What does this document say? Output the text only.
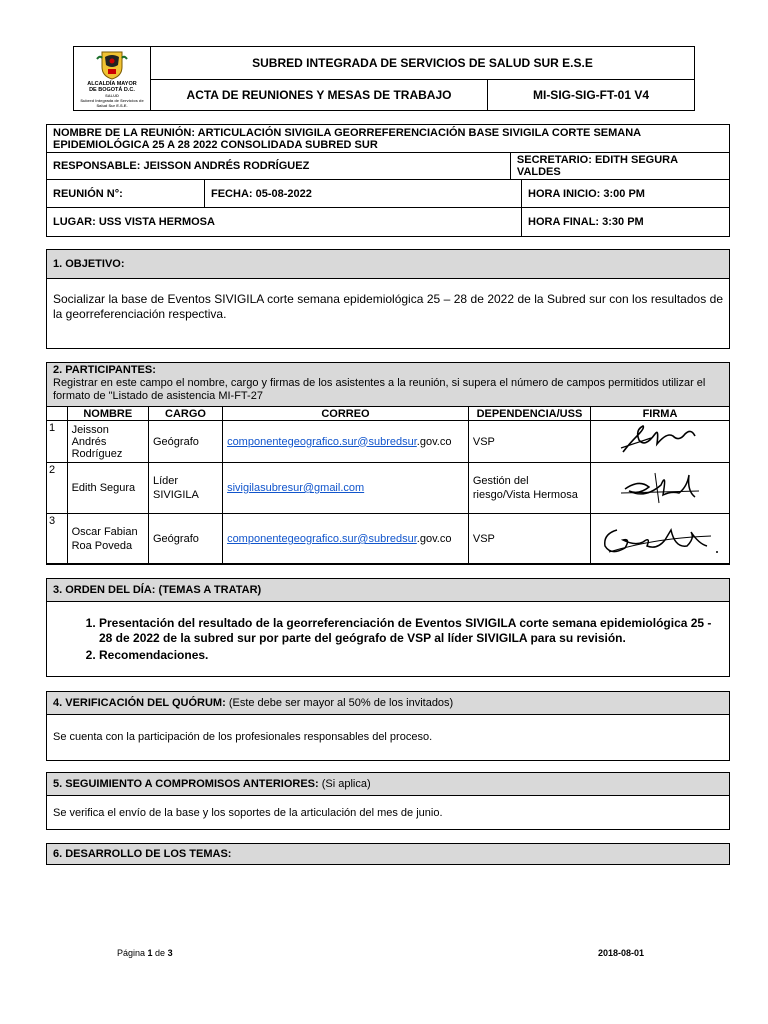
ALCALDÍA MAYOR
DE BOGOTÁ D.C.
SALUD
Subred Integrada de Servicios de Salud Sur E.S.E.	SUBRED INTEGRADA DE SERVICIOS DE SALUD SUR E.S.E	
	ACTA DE REUNIONES Y MESAS DE TRABAJO	MI-SIG-SIG-FT-01 V4
NOMBRE DE LA REUNIÓN: ARTICULACIÓN SIVIGILA GEORREFERENCIACIÓN BASE SIVIGILA CORTE SEMANA EPIDEMIOLÓGICA 25 A 28 2022 CONSOLIDADA SUBRED SUR			
RESPONSABLE: JEISSON ANDRÉS RODRÍGUEZ		SECRETARIO: EDITH SEGURA VALDES	
REUNIÓN N°:	FECHA: 05-08-2022		HORA INICIO: 3:00 PM
LUGAR: USS VISTA HERMOSA			HORA FINAL: 3:30 PM
1. OBJETIVO:
Socializar la base de Eventos SIVIGILA corte semana epidemiológica 25 – 28 de 2022 de la Subred sur con los resultados de la georreferenciación respectiva.
2. PARTICIPANTES:
Registrar en este campo el nombre, cargo y firmas de los asistentes a la reunión, si supera el número de campos permitidos utilizar el formato de "Listado de asistencia MI-FT-27
	NOMBRE	CARGO	CORREO	DEPENDENCIA/USS	FIRMA
1	Jeisson Andrés Rodríguez	Geógrafo	componentegeografico.sur@subredsur.gov.co	VSP	
2	Edith Segura	Líder SIVIGILA	sivigilasubresur@gmail.com	Gestión del riesgo/Vista Hermosa	
3	Oscar Fabian Roa Poveda	Geógrafo	componentegeografico.sur@subredsur.gov.co	VSP	
3. ORDEN DEL DÍA: (TEMAS A TRATAR)
1. Presentación del resultado de la georreferenciación de Eventos SIVIGILA corte semana epidemiológica 25 - 28 de 2022 de la subred sur por parte del geógrafo de VSP al líder SIVIGILA para su revisión.
2. Recomendaciones.
4. VERIFICACIÓN DEL QUÓRUM:
(Este debe ser mayor al 50% de los invitados)
Se cuenta con la participación de los profesionales responsables del proceso.
5. SEGUIMIENTO A COMPROMISOS ANTERIORES:
(Si aplica)
Se verifica el envío de la base y los soportes de la articulación del mes de junio.
6. DESARROLLO DE LOS TEMAS:
Página 1 de 3	2018-08-01
